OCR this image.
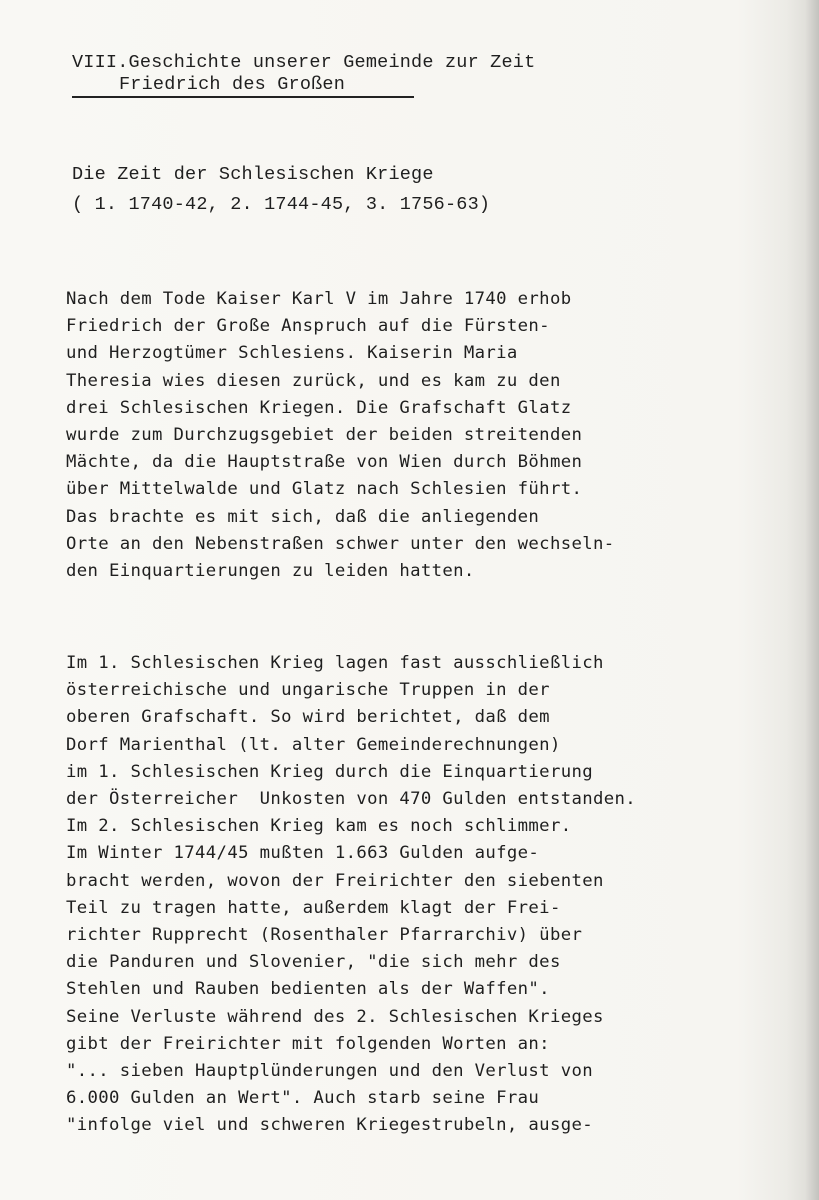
VIII.Geschichte unserer Gemeinde zur Zeit
Friedrich des Großen
Die Zeit der Schlesischen Kriege
( 1. 1740-42, 2. 1744-45, 3. 1756-63)
Nach dem Tode Kaiser Karl V im Jahre 1740 erhob
Friedrich der Große Anspruch auf die Fürsten-
und Herzogtümer Schlesiens. Kaiserin Maria
Theresia wies diesen zurück, und es kam zu den
drei Schlesischen Kriegen. Die Grafschaft Glatz
wurde zum Durchzugsgebiet der beiden streitenden
Mächte, da die Hauptstraße von Wien durch Böhmen
über Mittelwalde und Glatz nach Schlesien führt.
Das brachte es mit sich, daß die anliegenden
Orte an den Nebenstraßen schwer unter den wechseln-
den Einquartierungen zu leiden hatten.
Im 1. Schlesischen Krieg lagen fast ausschließlich
österreichische und ungarische Truppen in der
oberen Grafschaft. So wird berichtet, daß dem
Dorf Marienthal (lt. alter Gemeinderechnungen)
im 1. Schlesischen Krieg durch die Einquartierung
der Österreicher  Unkosten von 470 Gulden entstanden.
Im 2. Schlesischen Krieg kam es noch schlimmer.
Im Winter 1744/45 mußten 1.663 Gulden aufge-
bracht werden, wovon der Freirichter den siebenten
Teil zu tragen hatte, außerdem klagt der Frei-
richter Rupprecht (Rosenthaler Pfarrarchiv) über
die Panduren und Slovenier, "die sich mehr des
Stehlen und Rauben bedienten als der Waffen".
Seine Verluste während des 2. Schlesischen Krieges
gibt der Freirichter mit folgenden Worten an:
"... sieben Hauptplünderungen und den Verlust von
6.000 Gulden an Wert". Auch starb seine Frau
"infolge viel und schweren Kriegestrubeln, ausge-
